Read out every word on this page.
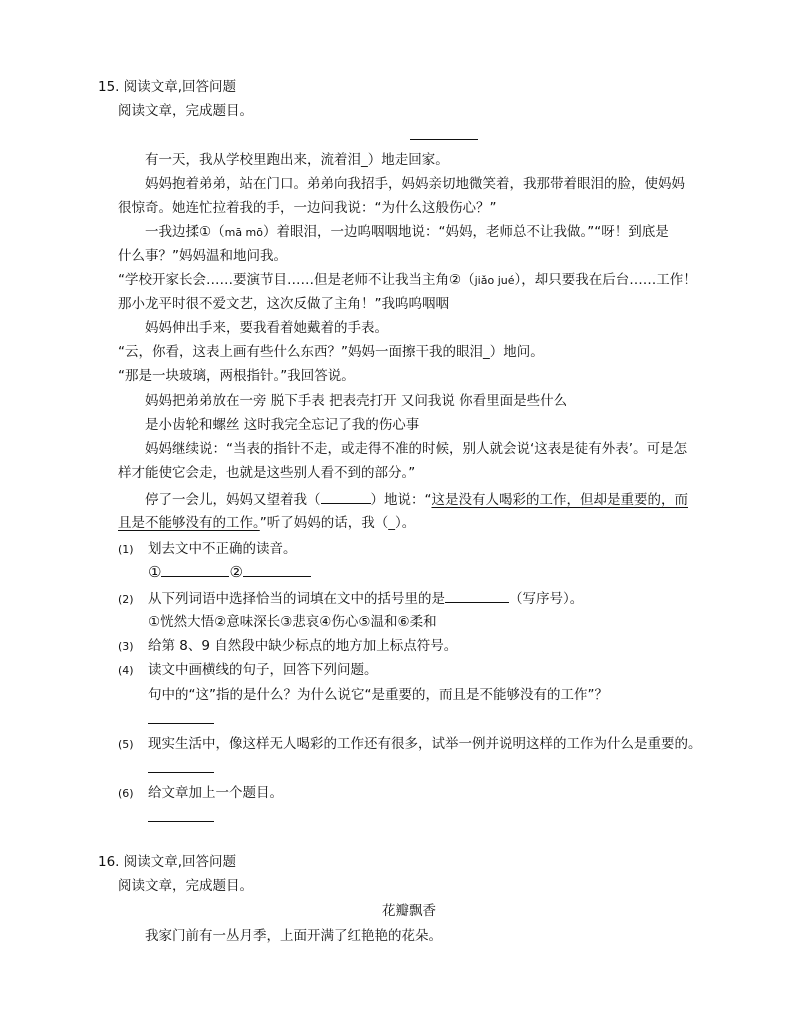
15. 阅读文章,回答问题
阅读文章，完成题目。
有一天，我从学校里跑出来，流着泪_）地走回家。
妈妈抱着弟弟，站在门口。弟弟向我招手，妈妈亲切地微笑着，我那带着眼泪的脸，使妈妈
很惊奇。她连忙拉着我的手，一边问我说：“为什么这般伤心？”
一我边揉①（mā mō）着眼泪，一边呜咽咽地说：“妈妈，老师总不让我做。”“呀！到底是
什么事？”妈妈温和地问我。
“学校开家长会……要演节目……但是老师不让我当主角②（jiǎo jué），却只要我在后台……工作！
那小龙平时很不爱文艺，这次反做了主角！”我呜呜咽咽
妈妈伸出手来，要我看着她戴着的手表。
“云，你看，这表上画有些什么东西？”妈妈一面擦干我的眼泪_）地问。
“那是一块玻璃，两根指针。”我回答说。
妈妈把弟弟放在一旁 脱下手表 把表壳打开 又问我说 你看里面是些什么
是小齿轮和螺丝 这时我完全忘记了我的伤心事
妈妈继续说：“当表的指针不走，或走得不准的时候，别人就会说‘这表是徒有外表’。可是怎
样才能使它会走，也就是这些别人看不到的部分。”
停了一会儿，妈妈又望着我（	）地说：“这是没有人喝彩的工作，但却是重要的，而
且是不能够没有的工作。”听了妈妈的话，我（_）。
(1) 划去文中不正确的读音。
①	②
(2) 从下列词语中选择恰当的词填在文中的括号里的是	（写序号）。
①恍然大悟②意味深长③悲哀④伤心⑤温和⑥柔和
(3) 给第 8、9 自然段中缺少标点的地方加上标点符号。
(4) 读文中画横线的句子，回答下列问题。
句中的“这”指的是什么？为什么说它“是重要的，而且是不能够没有的工作”？
(5) 现实生活中，像这样无人喝彩的工作还有很多，试举一例并说明这样的工作为什么是重要的。
(6) 给文章加上一个题目。
16. 阅读文章,回答问题
阅读文章，完成题目。
花瓣飘香
我家门前有一丛月季，上面开满了红艳艳的花朵。
